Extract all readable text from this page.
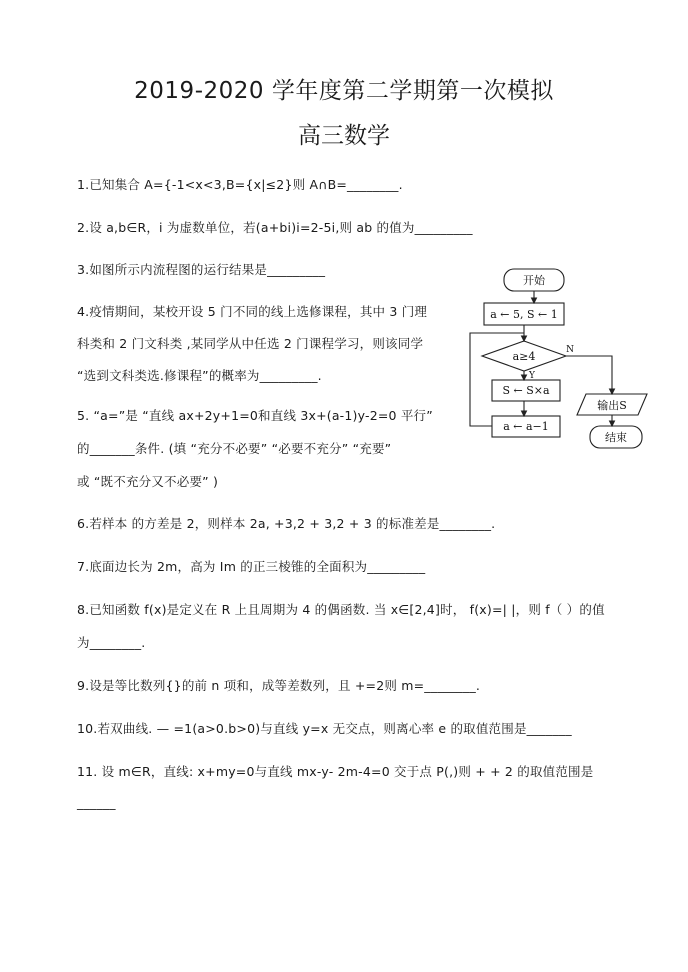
2019-2020 学年度第二学期第一次模拟
高三数学
1.已知集合 A={-1<x<3,B={x|≤2}则 A∩B=________.
2.设 a,b∈R，i 为虚数单位，若(a+bi)i=2-5i,则 ab 的值为_________
3.如图所示内流程图的运行结果是_________
4.疫情期间，某校开设 5 门不同的线上选修课程，其中 3 门理
科类和 2 门文科类 ,某同学从中任选 2 门课程学习，则该同学
“选到文科类选.修课程”的概率为_________.
5. “a=”是 “直线 ax+2y+1=0和直线 3x+(a-1)y-2=0 平行”
的_______条件. (填 “充分不必要” “必要不充分” “充要”
或 “既不充分又不必要” )
6.若样本 的方差是 2，则样本 2a, +3,2 + 3,2 + 3 的标准差是________.
7.底面边长为 2m，高为 Im 的正三棱锥的全面积为_________
8.已知函数 f(x)是定义在 R 上且周期为 4 的偶函数. 当 x∈[2,4]时， f(x)=| |，则 f（ ）的值
为________.
9.设是等比数列{}的前 n 项和，成等差数列，且 +=2则 m=________.
10.若双曲线. — =1(a>0.b>0)与直线 y=x 无交点，则离心率 e 的取值范围是_______
11. 设 m∈R，直线: x+my=0与直线 mx-y- 2m-4=0 交于点 P(,)则 + + 2 的取值范围是
______
开始
a ← 5, S ← 1
a≥4
Y
N
S ← S×a
a ← a−1
输出S
结束
